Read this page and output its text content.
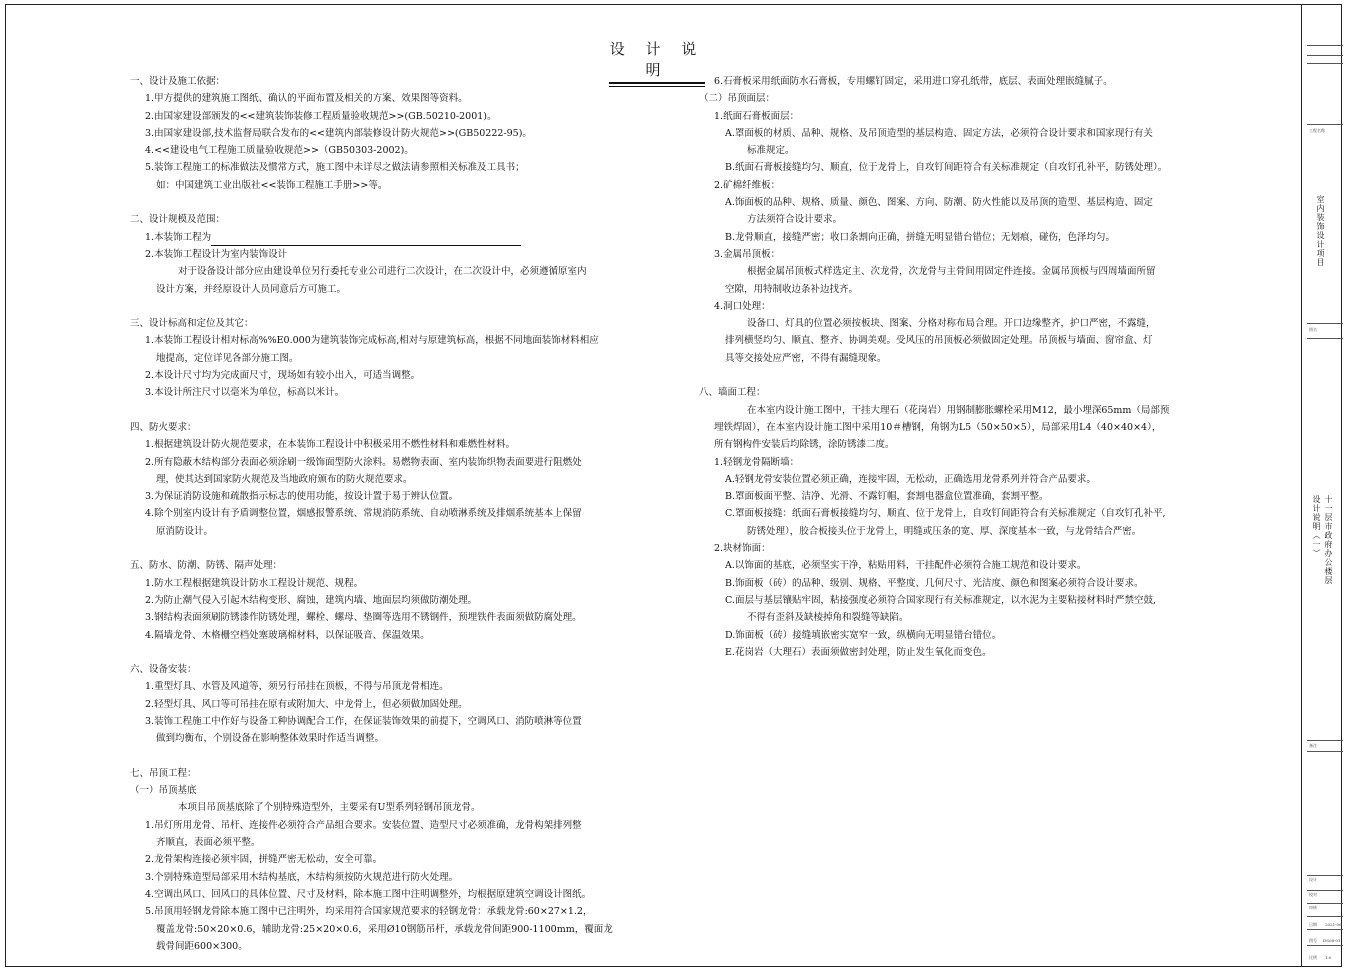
设 计 说 明
一、设计及施工依据：
1.甲方提供的建筑施工图纸、确认的平面布置及相关的方案、效果图等资料。
2.由国家建设部颁发的<<建筑装饰装修工程质量验收规范>>(GB.50210-2001)。
3.由国家建设部,技术监督局联合发布的<<建筑内部装修设计防火规范>>(GB50222-95)。
4.<<建设电气工程施工质量验收规范>>（GB50303-2002)。
5.装饰工程施工的标准做法及惯常方式，施工图中未详尽之做法请参照相关标准及工具书；
如：中国建筑工业出版社<<装饰工程施工手册>>等。
二、设计规模及范围：
1.本装饰工程为
2.本装饰工程设计为室内装饰设计
对于设备设计部分应由建设单位另行委托专业公司进行二次设计，在二次设计中，必须遵循原室内
设计方案，并经原设计人员同意后方可施工。
三、设计标高和定位及其它：
1.本装饰工程设计相对标高%%E0.000为建筑装饰完成标高,相对与原建筑标高，根据不同地面装饰材料相应
地提高，定位详见各部分施工图。
2.本设计尺寸均为完成面尺寸，现场如有较小出入，可适当调整。
3.本设计所注尺寸以毫米为单位，标高以米计。
四、防火要求：
1.根据建筑设计防火规范要求，在本装饰工程设计中积极采用不燃性材料和难燃性材料。
2.所有隐蔽木结构部分表面必须涂刷一级饰面型防火涂料。易燃物表面、室内装饰织物表面要进行阻燃处
理，使其达到国家防火规范及当地政府颁布的防火规范要求。
3.为保证消防设施和疏散指示标志的使用功能，按设计置于易于辨认位置。
4.除个别室内设计有予盾调整位置，烟感报警系统、常规消防系统、自动喷淋系统及排烟系统基本上保留
原消防设计。
五、防水、防潮、防锈、隔声处理：
1.防水工程根据建筑设计防水工程设计规范、规程。
2.为防止潮气侵入引起木结构变形、腐蚀，建筑内墙、地面层均须做防潮处理。
3.钢结构表面须刷防锈漆作防锈处理，螺栓、螺母、垫圈等选用不锈钢件，预埋铁件表面须做防腐处理。
4.隔墙龙骨、木格栅空档处塞玻璃棉材料，以保证吸音、保温效果。
六、设备安装：
1.重型灯具、水管及风道等，须另行吊挂在顶板，不得与吊顶龙骨相连。
2.轻型灯具、风口等可吊挂在原有或附加大、中龙骨上，但必须做加固处理。
3.装饰工程施工中作好与设备工种协调配合工作，在保证装饰效果的前提下，空调风口、消防喷淋等位置
做到均衡布，个别设备在影响整体效果时作适当调整。
七、吊顶工程：
（一）吊顶基底
本项目吊顶基底除了个别特殊造型外，主要采有U型系列轻钢吊顶龙骨。
1.吊灯所用龙骨、吊杆、连接件必须符合产品组合要求。安装位置、造型尺寸必须准确，龙骨构架排列整
齐顺直，表面必须平整。
2.龙骨架构连接必须牢固，拼缝严密无松动，安全可靠。
3.个别特殊造型局部采用木结构基底，木结构须按防火规范进行防火处理。
4.空调出风口、回风口的具体位置、尺寸及材料，除本施工图中注明调整外，均根据原建筑空调设计图纸。
5.吊顶用轻钢龙骨除本施工图中已注明外，均采用符合国家规范要求的轻钢龙骨：承载龙骨:60×27×1.2，
覆盖龙骨:50×20×0.6，辅助龙骨:25×20×0.6，采用Ø10钢筋吊杆，承载龙骨间距900-1100mm，覆面龙
载骨间距600×300。
6.石膏板采用纸面防水石膏板，专用螺钉固定，采用进口穿孔纸带，底层、表面处理嵌缝腻子。
（二）吊顶面层：
1.纸面石膏板面层：
A.罩面板的材质、品种、规格、及吊顶造型的基层构造、固定方法，必须符合设计要求和国家现行有关
标准规定。
B.纸面石膏板接缝均匀、顺直，位于龙骨上，自攻钉间距符合有关标准规定（自攻钉孔补平，防锈处理）。
2.矿棉纤维板：
A.饰面板的品种、规格、质量、颜色、图案、方向、防潮、防火性能以及吊顶的造型、基层构造、固定
方法须符合设计要求。
B.龙骨顺直，接缝严密；收口条割向正确，拼缝无明显错台错位；无划痕，碰伤，色泽均匀。
3.金属吊顶板：
根据金属吊顶板式样选定主、次龙骨，次龙骨与主骨间用固定件连接。金属吊顶板与四周墙面所留
空隙，用特制收边条补边找齐。
4.洞口处理：
设备口、灯具的位置必须按板块、图案、分格对称布局合理。开口边缘整齐，护口严密，不露缝，
排列横竖均匀、顺直、整齐、协调美观。受风压的吊顶板必须做固定处理。吊顶板与墙面、窗帘盒、灯
具等交接处应严密，不得有漏缝现象。
八、墙面工程：
在本室内设计施工图中，干挂大理石（花岗岩）用钢制膨胀螺栓采用M12，最小埋深65mm（局部预
埋铁焊固），在本室内设计施工图中采用10＃槽钢，角钢为L5（50×50×5），局部采用L4（40×40×4），
所有钢构件安装后均除锈，涂防锈漆二度。
1.轻钢龙骨隔断墙：
A.轻钢龙骨安装位置必须正确，连接牢固，无松动，正确选用龙骨系列并符合产品要求。
B.罩面板面平整、洁净、光滑、不露钉帽，套割电器盒位置准确，套割平整。
C.罩面板接缝：纸面石膏板接缝均匀、顺直、位于龙骨上，自攻钉间距符合有关标准规定（自攻钉孔补平,
防锈处理），胶合板接头位于龙骨上，明缝或压条的宽、厚、深度基本一致，与龙骨结合严密。
2.块材饰面：
A.以饰面的基底，必须坚实干净，粘贴用料，干挂配件必须符合施工规范和设计要求。
B.饰面板（砖）的品种、级别、规格、平整度、几何尺寸、光洁度、颜色和图案必须符合设计要求。
C.面层与基层镶贴牢固，粘接强度必须符合国家现行有关标准规定，以水泥为主要粘接材料时严禁空鼓,
不得有歪斜及缺棱掉角和裂缝等缺陷。
D.饰面板（砖）接缝填嵌密实宽窄一致，纵横向无明显错台错位。
E.花岗岩（大理石）表面须做密封处理，防止发生氧化而变色。
工程名称
室内装饰设计项目
图名
十一层市政府办公楼层
设计说明（一）
备注
设计
校对
审核
日期 2021-06
图号 DS08-01
比例 1:0
